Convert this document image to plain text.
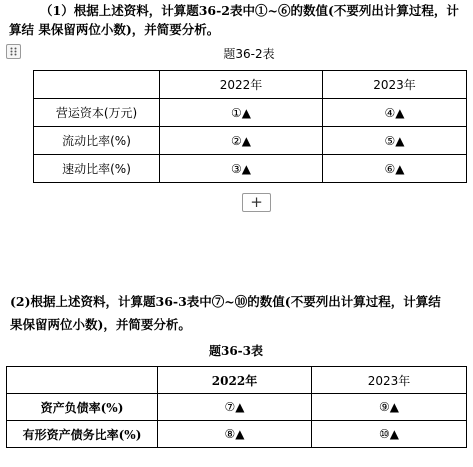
（1）根据上述资料，计算题36-2表中①~⑥的数值(不要列出计算过程，计
算结 果保留两位小数)，并简要分析。
题36-2表
	2022年	2023年
营运资本(万元)	①▲	④▲
流动比率(%)	②▲	⑤▲
速动比率(%)	③▲	⑥▲
+
(2)根据上述资料，计算题36-3表中⑦~⑩的数值(不要列出计算过程，计算结
果保留两位小数)，并简要分析。
题36-3表
	2022年	2023年
资产负债率(%)	⑦▲	⑨▲
有形资产债务比率(%)	⑧▲	⑩▲
